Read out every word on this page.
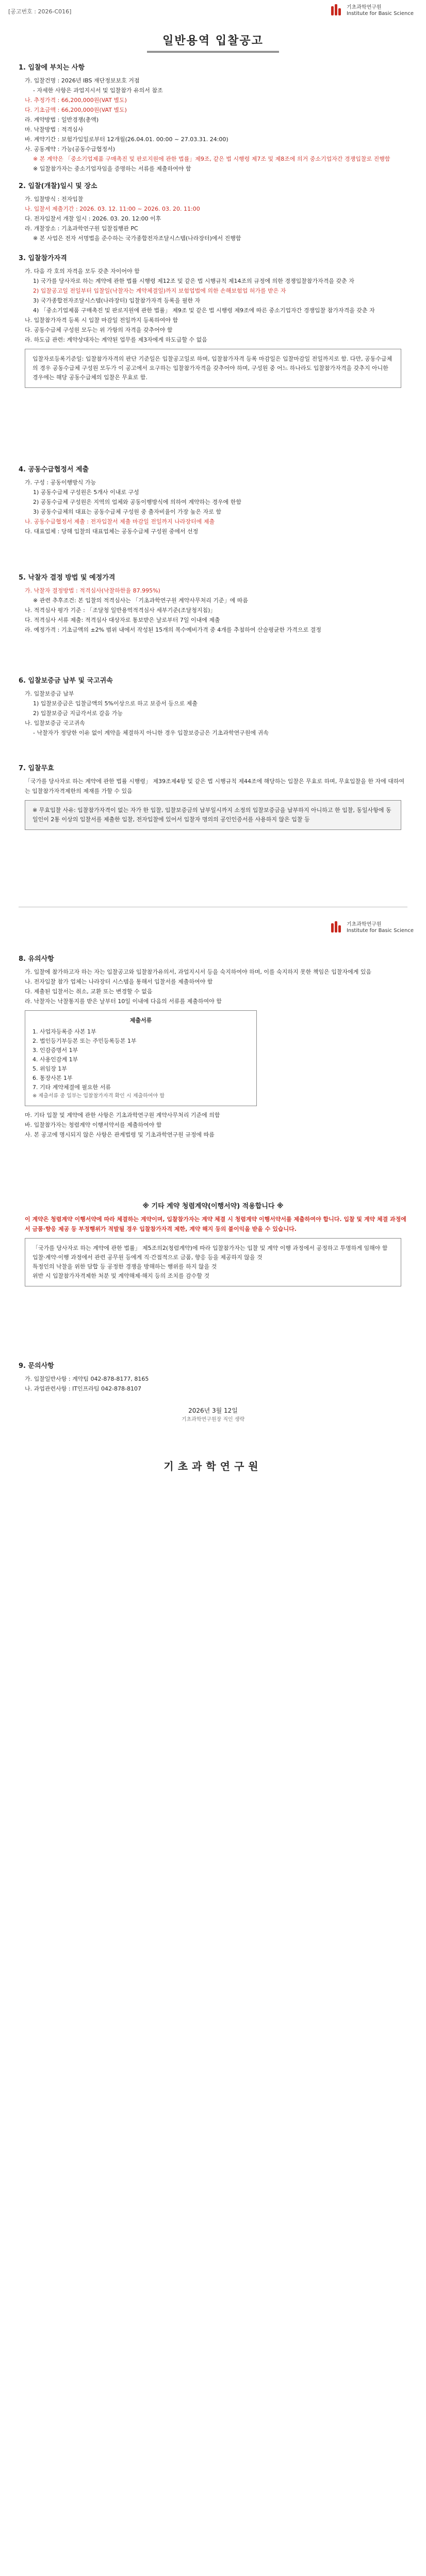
[공고번호 : 2026-C016]
기초과학연구원
Institute for Basic Science
일반용역 입찰공고
1. 입찰에 부치는 사항
가. 입찰건명 : 2026년 IBS 재단정보보호 거점
- 자세한 사항은 과업지시서 및 입찰참가 유의서 참조
나. 추정가격 : 66,200,000원(VAT 별도)
다. 기초금액 : 66,200,000원(VAT 별도)
라. 계약방법 : 일반경쟁(총액)
마. 낙찰방법 : 적격심사
바. 계약기간 : 보험가입일로부터 12개월(26.04.01. 00:00 ~ 27.03.31. 24:00)
사. 공동계약 : 가능(공동수급협정서)
※ 본 계약은 「중소기업제품 구매촉진 및 판로지원에 관한 법률」제9조, 같은 법 시행령 제7조 및 제8조에 의거 중소기업자간 경쟁입찰로 진행함
※ 입찰참가자는 중소기업자임을 증명하는 서류를 제출하여야 함
2. 입찰(개찰)일시 및 장소
가. 입찰방식 : 전자입찰
나. 입찰서 제출기간 : 2026. 03. 12. 11:00 ~ 2026. 03. 20. 11:00
다. 전자입찰서 개찰 일시 : 2026. 03. 20. 12:00 이후
라. 개찰장소 : 기초과학연구원 입찰집행관 PC
※ 본 사업은 전자 서명법을 준수하는 국가종합전자조달시스템(나라장터)에서 진행함
3. 입찰참가자격
가. 다음 각 호의 자격을 모두 갖춘 자이어야 함
1) 국가를 당사자로 하는 계약에 관한 법률 시행령 제12조 및 같은 법 시행규칙 제14조의 규정에 의한 경쟁입찰참가자격을 갖춘 자
2) 입찰공고일 전일부터 입찰일(낙찰자는 계약체결일)까지 보험업법에 의한 손해보험업 허가를 받은 자
3) 국가종합전자조달시스템(나라장터) 입찰참가자격 등록을 필한 자
4) 「중소기업제품 구매촉진 및 판로지원에 관한 법률」 제9조 및 같은 법 시행령 제9조에 따른 중소기업자간 경쟁입찰 참가자격을 갖춘 자
나. 입찰참가자격 등록 시 입찰 마감일 전일까지 등록하여야 함
다. 공동수급체 구성원 모두는 위 가항의 자격을 갖추어야 함
라. 하도급 관련: 계약상대자는 계약된 업무를 제3자에게 하도급할 수 없음
입찰자로등록기준일: 입찰참가자격의 판단 기준일은 입찰공고일로 하며, 입찰참가자격 등록 마감일은 입찰마감일 전일까지로 함. 다만, 공동수급체의 경우 공동수급체 구성원 모두가 이 공고에서 요구하는 입찰참가자격을 갖추어야 하며, 구성원 중 어느 하나라도 입찰참가자격을 갖추지 아니한 경우에는 해당 공동수급체의 입찰은 무효로 함.
4. 공동수급협정서 제출
가. 구성 : 공동이행방식 가능
1) 공동수급체 구성원은 5개사 이내로 구성
2) 공동수급체 구성원은 지역의 업체와 공동이행방식에 의하여 계약하는 경우에 한함
3) 공동수급체의 대표는 공동수급체 구성원 중 출자비율이 가장 높은 자로 함
나. 공동수급협정서 제출 : 전자입찰서 제출 마감일 전일까지 나라장터에 제출
다. 대표업체 : 당해 입찰의 대표업체는 공동수급체 구성원 중에서 선정
5. 낙찰자 결정 방법 및 예정가격
가. 낙찰자 결정방법 : 적격심사(낙찰하한율 87.995%)
※ 관련 추후조건: 본 입찰의 적격심사는 「기초과학연구원 계약사무처리 기준」에 따름
나. 적격심사 평가 기준 : 「조달청 일반용역적격심사 세부기준(조달청지침)」
다. 적격심사 서류 제출: 적격심사 대상자로 통보받은 날로부터 7일 이내에 제출
라. 예정가격 : 기초금액의 ±2% 범위 내에서 작성된 15개의 복수예비가격 중 4개를 추첨하여 산술평균한 가격으로 결정
6. 입찰보증금 납부 및 국고귀속
가. 입찰보증금 납부
1) 입찰보증금은 입찰금액의 5%이상으로 하고 보증서 등으로 제출
2) 입찰보증금 지급각서로 갈음 가능
나. 입찰보증금 국고귀속
- 낙찰자가 정당한 이유 없이 계약을 체결하지 아니한 경우 입찰보증금은 기초과학연구원에 귀속
7. 입찰무효
「국가를 당사자로 하는 계약에 관한 법률 시행령」 제39조제4항 및 같은 법 시행규칙 제44조에 해당하는 입찰은 무효로 하며, 무효입찰을 한 자에 대하여는 입찰참가자격제한의 제재를 가할 수 있음
※ 무효입찰 사유: 입찰참가자격이 없는 자가 한 입찰, 입찰보증금의 납부일시까지 소정의 입찰보증금을 납부하지 아니하고 한 입찰, 동일사항에 동일인이 2통 이상의 입찰서를 제출한 입찰, 전자입찰에 있어서 입찰자 명의의 공인인증서를 사용하지 않은 입찰 등
기초과학연구원
Institute for Basic Science
8. 유의사항
가. 입찰에 참가하고자 하는 자는 입찰공고와 입찰참가유의서, 과업지시서 등을 숙지하여야 하며, 이를 숙지하지 못한 책임은 입찰자에게 있음
나. 전자입찰 참가 업체는 나라장터 시스템을 통해서 입찰서를 제출하여야 함
다. 제출된 입찰서는 취소, 교환 또는 변경할 수 없음
라. 낙찰자는 낙찰통지를 받은 날부터 10일 이내에 다음의 서류를 제출하여야 함
제출서류
1. 사업자등록증 사본 1부
2. 법인등기부등본 또는 주민등록등본 1부
3. 인감증명서 1부
4. 사용인감계 1부
5. 위임장 1부
6. 통장사본 1부
7. 기타 계약체결에 필요한 서류
※ 제출서류 중 일부는 입찰참가자격 확인 시 제출하여야 함
마. 기타 입찰 및 계약에 관한 사항은 기초과학연구원 계약사무처리 기준에 의함
바. 입찰참가자는 청렴계약 이행서약서를 제출하여야 함
사. 본 공고에 명시되지 않은 사항은 관계법령 및 기초과학연구원 규정에 따름
※ 기타 계약 청렴계약(이행서약) 적용합니다 ※
이 계약은 청렴계약 이행서약에 따라 체결하는 계약이며, 입찰참가자는 계약 체결 시 청렴계약 이행서약서를 제출하여야 합니다. 입찰 및 계약 체결 과정에서 금품·향응 제공 등 부정행위가 적발될 경우 입찰참가자격 제한, 계약 해지 등의 불이익을 받을 수 있습니다.
「국가를 당사자로 하는 계약에 관한 법률」 제5조의2(청렴계약)에 따라 입찰참가자는 입찰 및 계약 이행 과정에서 공정하고 투명하게 임해야 함
입찰·계약·이행 과정에서 관련 공무원 등에게 직·간접적으로 금품, 향응 등을 제공하지 않을 것
특정인의 낙찰을 위한 담합 등 공정한 경쟁을 방해하는 행위를 하지 않을 것
위반 시 입찰참가자격제한 처분 및 계약해제·해지 등의 조치를 감수할 것
9. 문의사항
가. 입찰일반사항 : 계약팀 042-878-8177, 8165
나. 과업관련사항 : IT인프라팀 042-878-8107
2026년 3월 12일
기초과학연구원장 직인 생략
기초과학연구원
